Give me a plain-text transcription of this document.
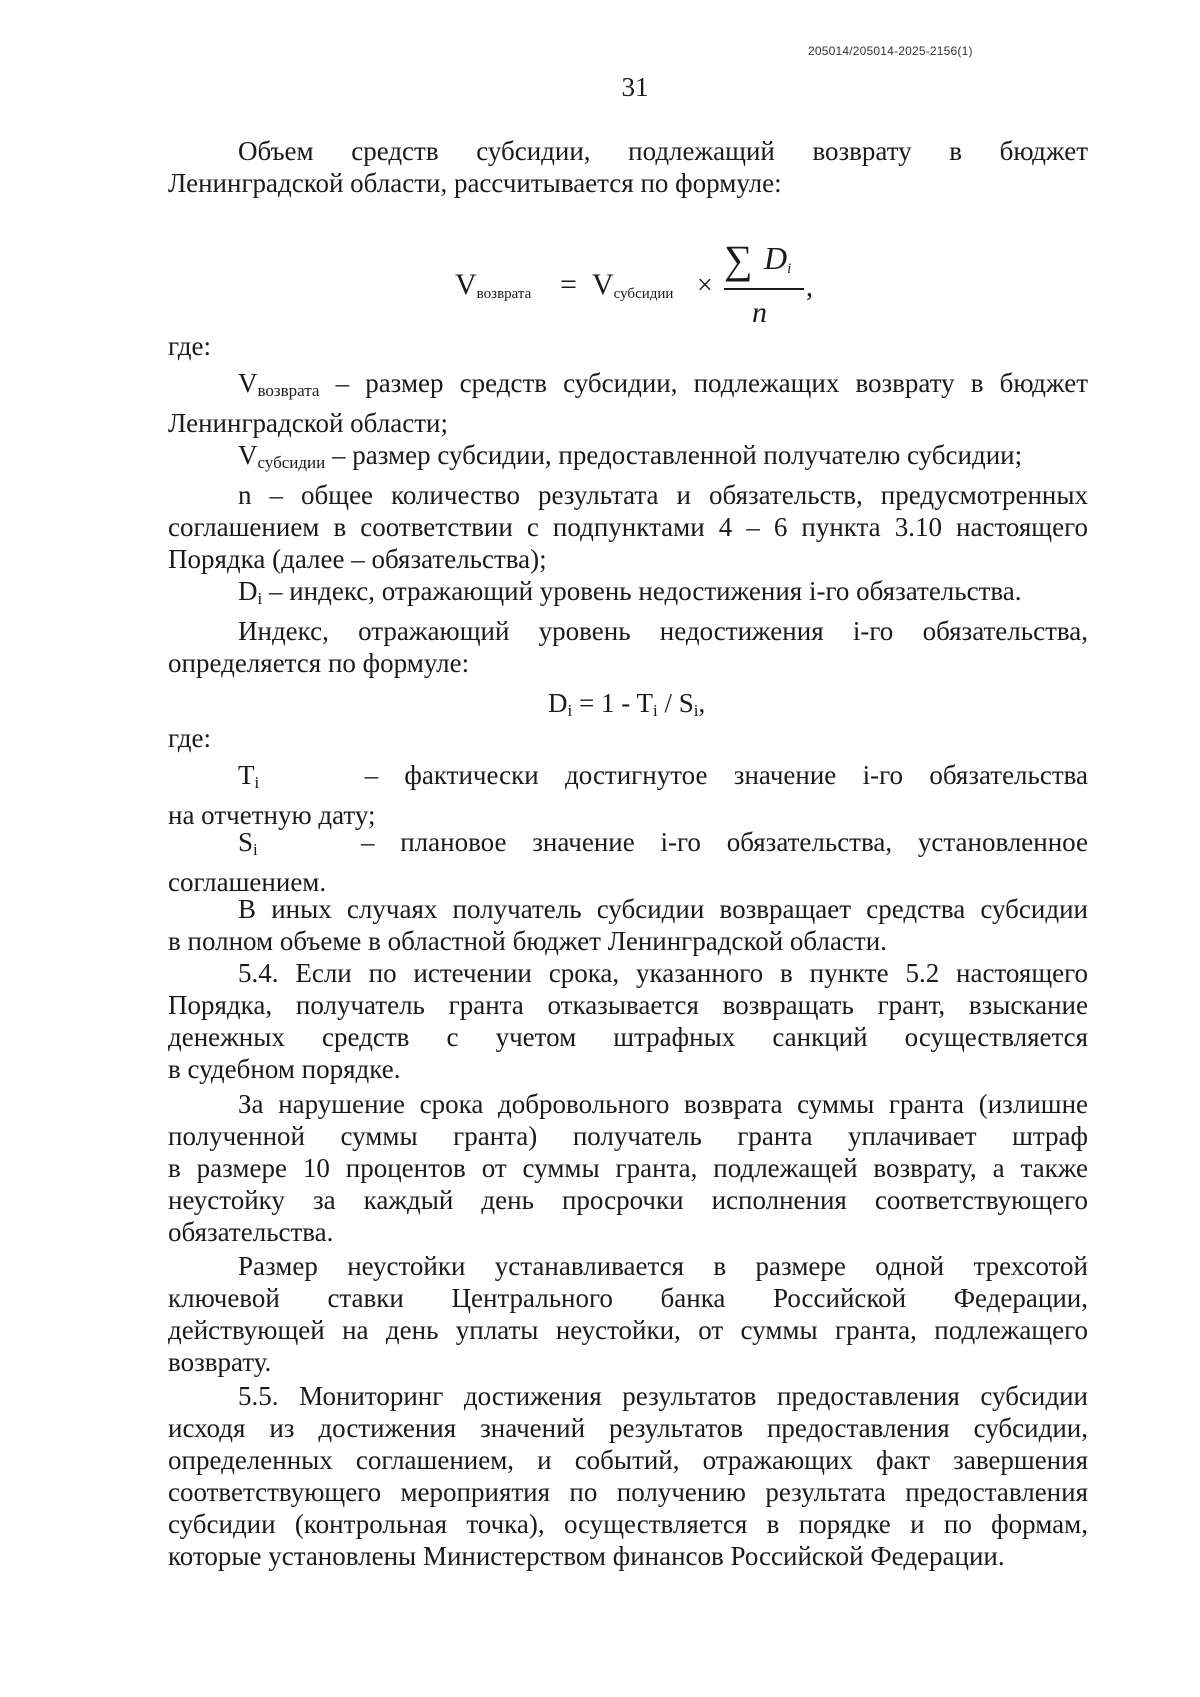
205014/205014-2025-2156(1)
31
Объем средств субсидии, подлежащий возврату в бюджет
Ленинградской области, рассчитывается по формуле:
$V_{возврата} = V_{субсидии}$ ×
∑ $D_i$
n
,
где:
Vвозврата – размер средств субсидии, подлежащих возврату в бюджет
Ленинградской области;
Vсубсидии – размер субсидии, предоставленной получателю субсидии;
n – общее количество результата и обязательств, предусмотренных
соглашением в соответствии с подпунктами 4 – 6 пункта 3.10 настоящего
Порядка (далее – обязательства);
Di – индекс, отражающий уровень недостижения i-го обязательства.
Индекс, отражающий уровень недостижения i-го обязательства,
определяется по формуле:
Di = 1 - Ti / Si,
где:
Ti	– фактически достигнутое значение i-го обязательства
на отчетную дату;
Si	– плановое значение i-го обязательства, установленное
соглашением.
В иных случаях получатель субсидии возвращает средства субсидии
в полном объеме в областной бюджет Ленинградской области.
5.4. Если по истечении срока, указанного в пункте 5.2 настоящего
Порядка, получатель гранта отказывается возвращать грант, взыскание
денежных средств с учетом штрафных санкций осуществляется
в судебном порядке.
За нарушение срока добровольного возврата суммы гранта (излишне
полученной суммы гранта) получатель гранта уплачивает штраф
в размере 10 процентов от суммы гранта, подлежащей возврату, а также
неустойку за каждый день просрочки исполнения соответствующего
обязательства.
Размер неустойки устанавливается в размере одной трехсотой
ключевой ставки Центрального банка Российской Федерации,
действующей на день уплаты неустойки, от суммы гранта, подлежащего
возврату.
5.5. Мониторинг достижения результатов предоставления субсидии
исходя из достижения значений результатов предоставления субсидии,
определенных соглашением, и событий, отражающих факт завершения
соответствующего мероприятия по получению результата предоставления
субсидии (контрольная точка), осуществляется в порядке и по формам,
которые установлены Министерством финансов Российской Федерации.
